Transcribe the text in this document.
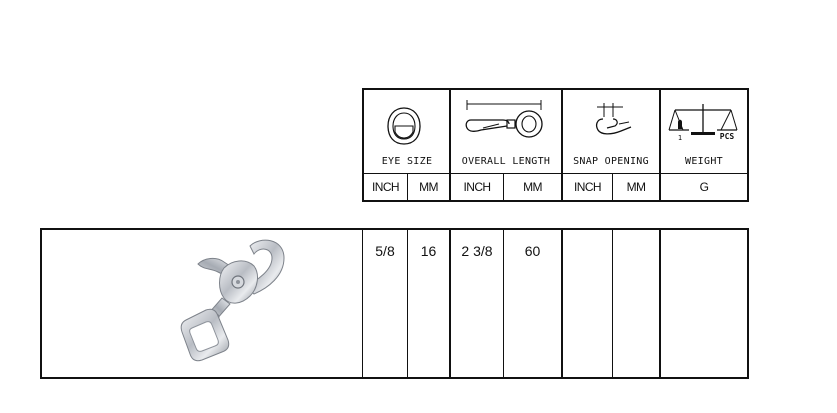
1	PCS
EYE SIZE	OVERALL LENGTH	SNAP OPENING	WEIGHT
INCH	MM	INCH	MM	INCH	MM	G
5/8	16	2 3/8	60
